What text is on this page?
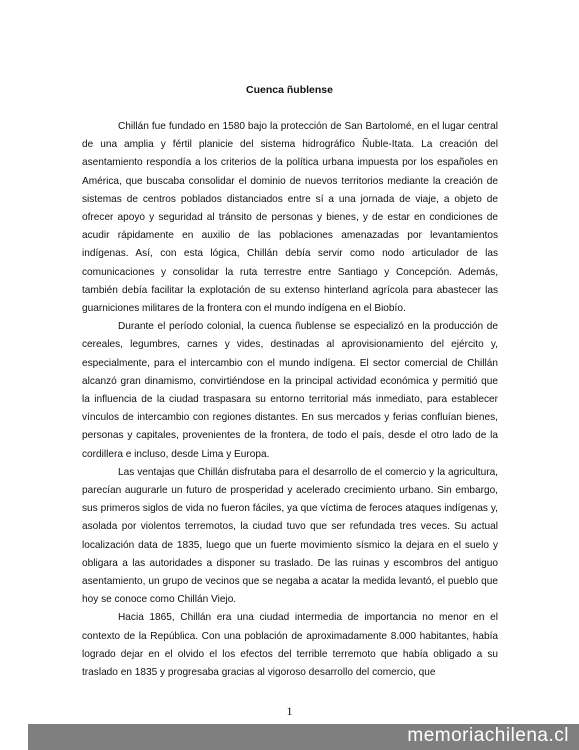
Cuenca ñublense

Chillán fue fundado en 1580 bajo la protección de San Bartolomé, en el lugar central de una amplia y fértil planicie del sistema hidrográfico Ñuble-Itata. La creación del asentamiento respondía a los criterios de la política urbana impuesta por los españoles en América, que buscaba consolidar el dominio de nuevos territorios mediante la creación de sistemas de centros poblados distanciados entre sí a una jornada de viaje, a objeto de ofrecer apoyo y seguridad al tránsito de personas y bienes, y de estar en condiciones de acudir rápidamente en auxilio de las poblaciones amenazadas por levantamientos indígenas. Así, con esta lógica, Chillán debía servir como nodo articulador de las comunicaciones y consolidar la ruta terrestre entre Santiago y Concepción. Además, también debía facilitar la explotación de su extenso hinterland agrícola para abastecer las guarniciones militares de la frontera con el mundo indígena en el Biobío.

Durante el período colonial, la cuenca ñublense se especializó en la producción de cereales, legumbres, carnes y vides, destinadas al aprovisionamiento del ejército y, especialmente, para el intercambio con el mundo indígena. El sector comercial de Chillán alcanzó gran dinamismo, convirtiéndose en la principal actividad económica y permitió que la influencia de la ciudad traspasara su entorno territorial más inmediato, para establecer vínculos de intercambio con regiones distantes. En sus mercados y ferias confluían bienes, personas y capitales, provenientes de la frontera, de todo el país, desde el otro lado de la cordillera e incluso, desde Lima y Europa.

Las ventajas que Chillán disfrutaba para el desarrollo de el comercio y la agricultura, parecían augurarle un futuro de prosperidad y acelerado crecimiento urbano. Sin embargo, sus primeros siglos de vida no fueron fáciles, ya que víctima de feroces ataques indígenas y, asolada por violentos terremotos, la ciudad tuvo que ser refundada tres veces. Su actual localización data de 1835, luego que un fuerte movimiento sísmico la dejara en el suelo y obligara a las autoridades a disponer su traslado. De las ruinas y escombros del antiguo asentamiento, un grupo de vecinos que se negaba a acatar la medida levantó, el pueblo que hoy se conoce como Chillán Viejo.

Hacia 1865, Chillán era una ciudad intermedia de importancia no menor en el contexto de la República. Con una población de aproximadamente 8.000 habitantes, había logrado dejar en el olvido el los efectos del terrible terremoto que había obligado a su traslado en 1835 y progresaba gracias al vigoroso desarrollo del comercio, que

1
memoriachilena.cl
